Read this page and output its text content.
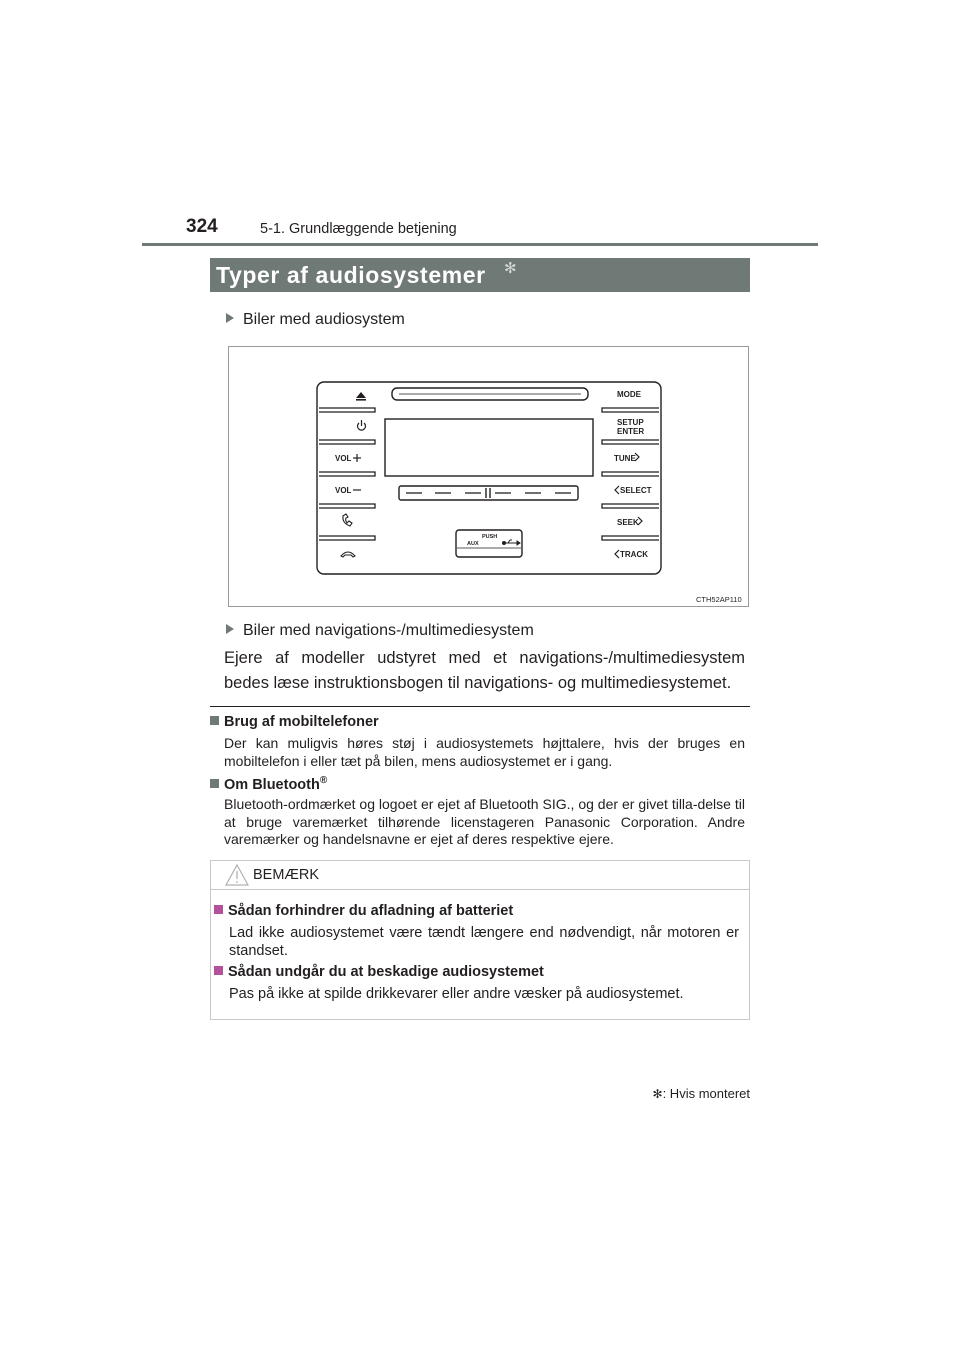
324	5-1. Grundlæggende betjening
Typer af audiosystemer ✻
Biler med audiosystem
VOL
VOL
MODE
SETUP
ENTER
TUNE
SELECT
SEEK
TRACK
PUSH
AUX
CTH52AP110
Biler med navigations-/multimediesystem
Ejere af modeller udstyret med et navigations-/multimediesystem bedes læse instruktionsbogen til navigations- og multimediesystemet.
Brug af mobiltelefoner
Der kan muligvis høres støj i audiosystemets højttalere, hvis der bruges en mobiltelefon i eller tæt på bilen, mens audiosystemet er i gang.
Om Bluetooth®
Bluetooth-ordmærket og logoet er ejet af Bluetooth SIG., og der er givet tilla-delse til at bruge varemærket tilhørende licenstageren Panasonic Corporation. Andre varemærker og handelsnavne er ejet af deres respektive ejere.
BEMÆRK
Sådan forhindrer du afladning af batteriet
Lad ikke audiosystemet være tændt længere end nødvendigt, når motoren er standset.
Sådan undgår du at beskadige audiosystemet
Pas på ikke at spilde drikkevarer eller andre væsker på audiosystemet.
✻: Hvis monteret
